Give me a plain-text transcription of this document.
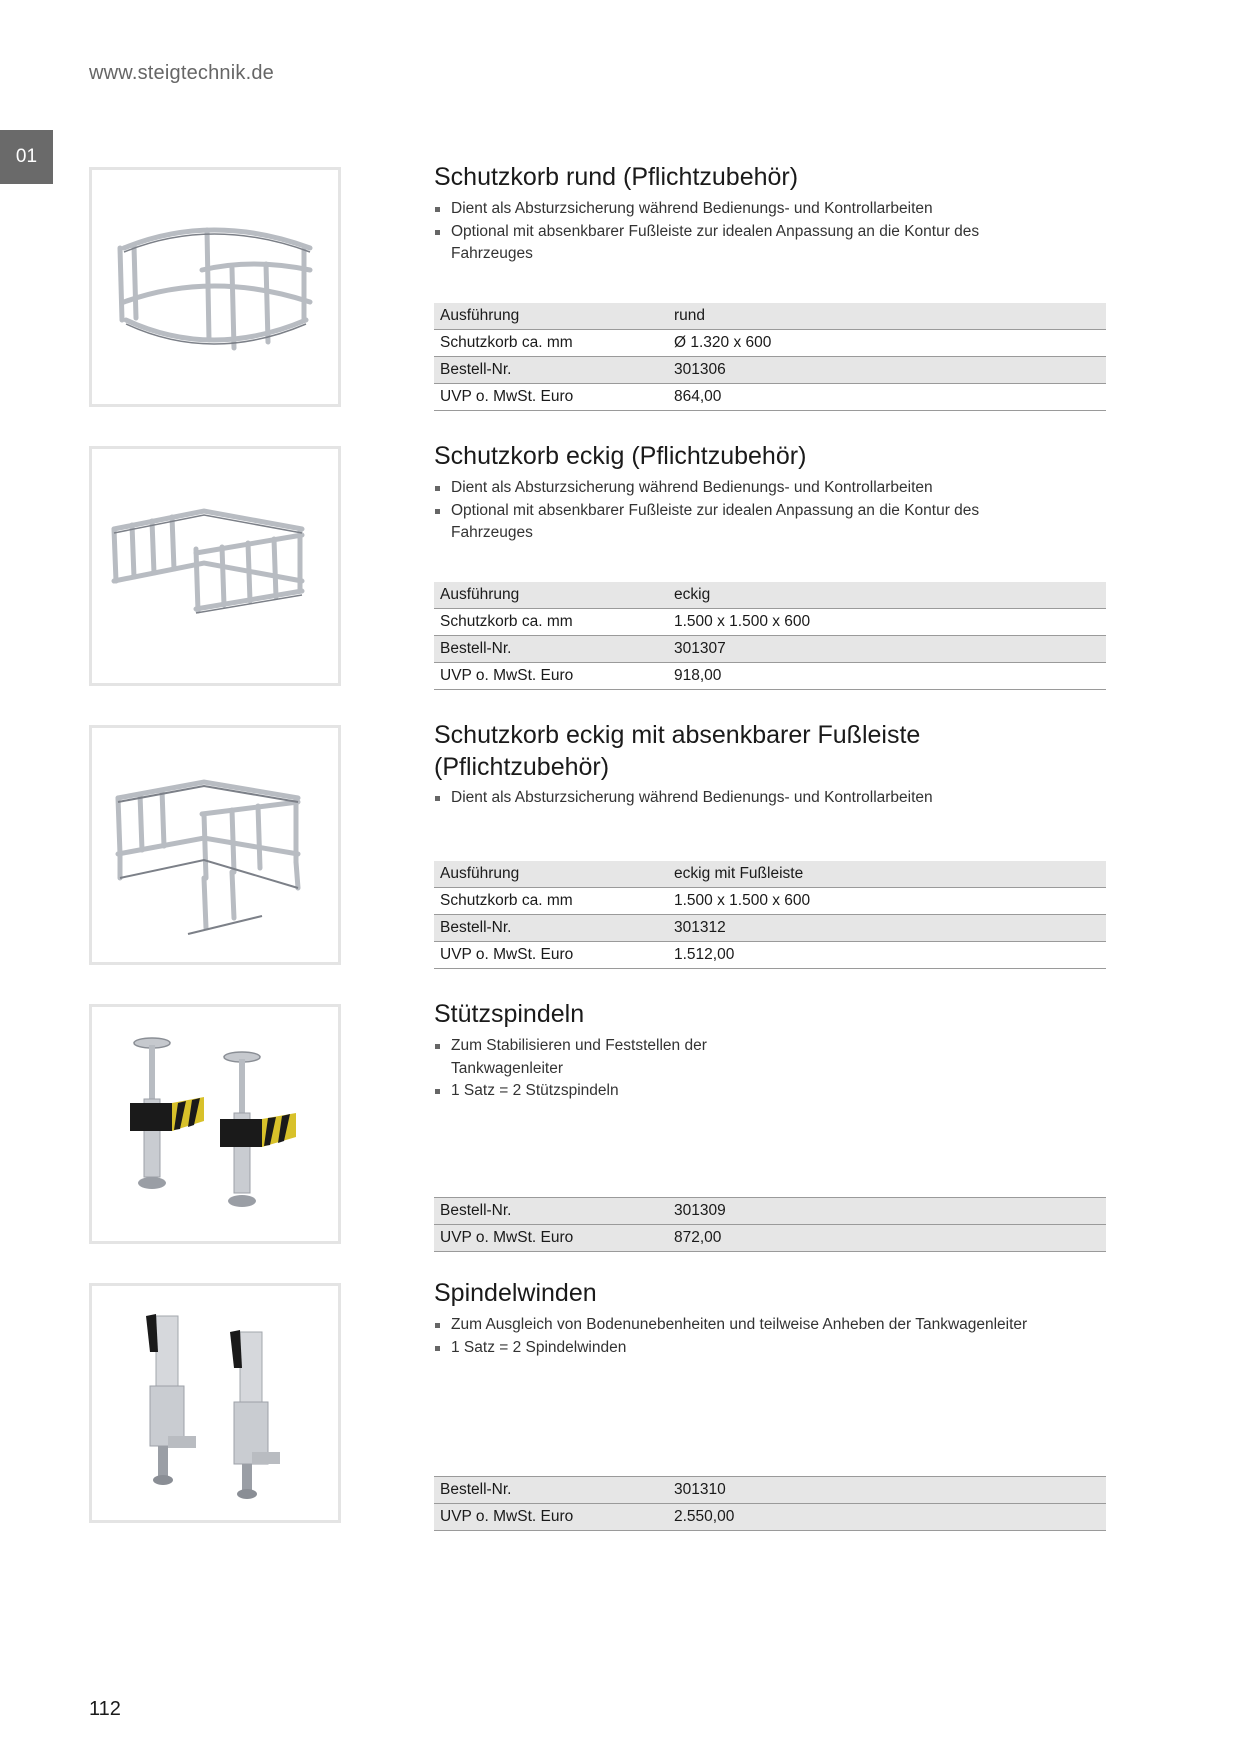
www.steigtechnik.de
01
Schutzkorb rund (Pflichtzubehör)
Dient als Absturzsicherung während Bedienungs- und Kontrollarbeiten
Optional mit absenkbarer Fußleiste zur idealen Anpassung an die Kontur des Fahrzeuges
Ausführung	rund
Schutzkorb ca. mm	Ø 1.320 x 600
Bestell-Nr.	301306
UVP o. MwSt. Euro	864,00
Schutzkorb eckig (Pflichtzubehör)
Dient als Absturzsicherung während Bedienungs- und Kontrollarbeiten
Optional mit absenkbarer Fußleiste zur idealen Anpassung an die Kontur des Fahrzeuges
Ausführung	eckig
Schutzkorb ca. mm	1.500 x 1.500 x 600
Bestell-Nr.	301307
UVP o. MwSt. Euro	918,00
Schutzkorb eckig mit absenkbarer Fußleiste (Pflichtzubehör)
Dient als Absturzsicherung während Bedienungs- und Kontrollarbeiten
Ausführung	eckig mit Fußleiste
Schutzkorb ca. mm	1.500 x 1.500 x 600
Bestell-Nr.	301312
UVP o. MwSt. Euro	1.512,00
Stützspindeln
Zum Stabilisieren und Feststellen der Tankwagenleiter
1 Satz = 2 Stützspindeln
Bestell-Nr.	301309
UVP o. MwSt. Euro	872,00
Spindelwinden
Zum Ausgleich von Bodenunebenheiten und teilweise Anheben der Tankwagenleiter
1 Satz = 2 Spindelwinden
Bestell-Nr.	301310
UVP o. MwSt. Euro	2.550,00
112
